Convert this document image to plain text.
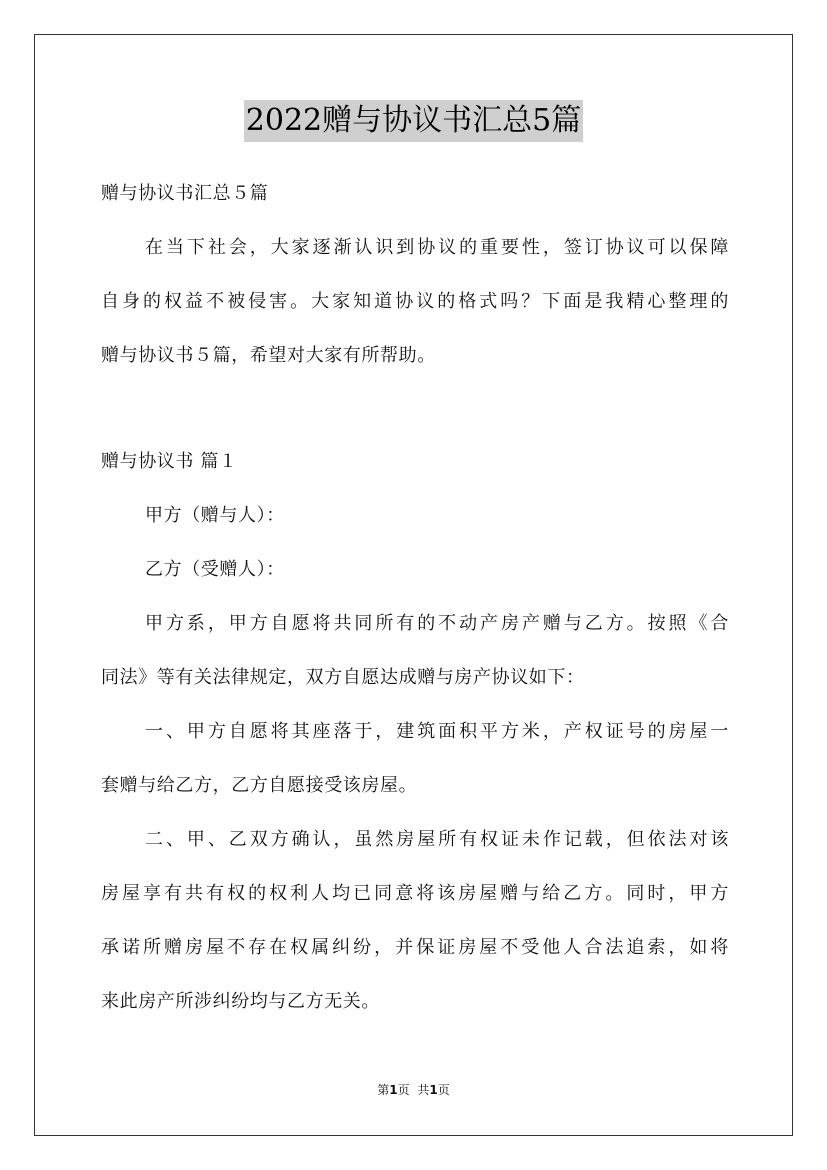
2022赠与协议书汇总5篇
赠与协议书汇总５篇
在当下社会，大家逐渐认识到协议的重要性，签订协议可以保障
自身的权益不被侵害。大家知道协议的格式吗？下面是我精心整理的
赠与协议书５篇，希望对大家有所帮助。
赠与协议书 篇１
甲方（赠与人）：
乙方（受赠人）：
甲方系，甲方自愿将共同所有的不动产房产赠与乙方。按照《合
同法》等有关法律规定，双方自愿达成赠与房产协议如下：
一、甲方自愿将其座落于，建筑面积平方米，产权证号的房屋一
套赠与给乙方，乙方自愿接受该房屋。
二、甲、乙双方确认，虽然房屋所有权证未作记载，但依法对该
房屋享有共有权的权利人均已同意将该房屋赠与给乙方。同时，甲方
承诺所赠房屋不存在权属纠纷，并保证房屋不受他人合法追索，如将
来此房产所涉纠纷均与乙方无关。
第1页 共1页
